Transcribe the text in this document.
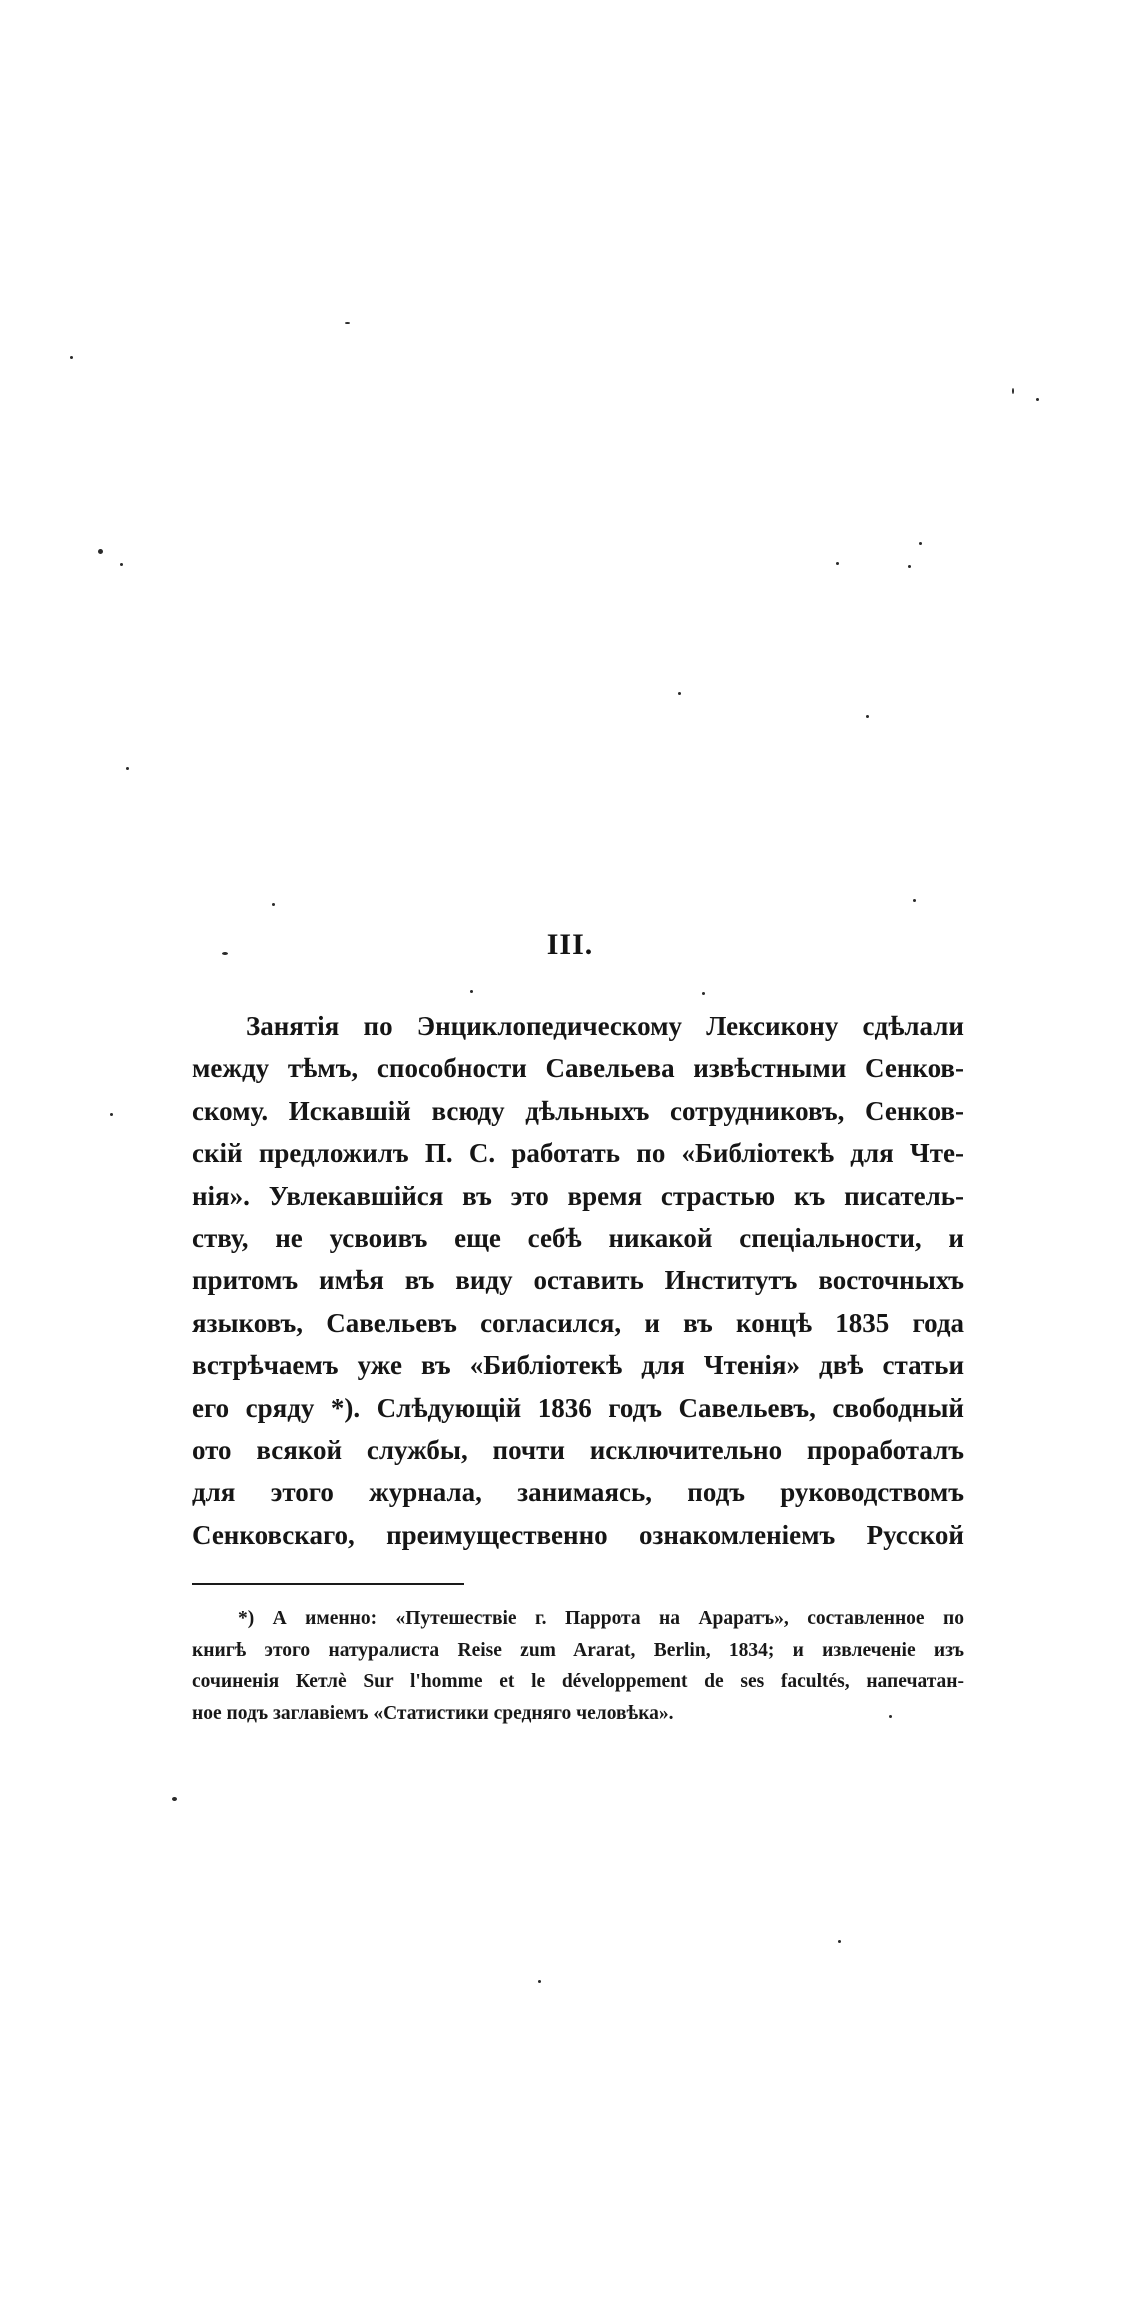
III.
Занятія по Энциклопедическому Лексикону сдѣлали
между тѣмъ, способности Савельева извѣстными Сенков-
скому. Искавшій всюду дѣльныхъ сотрудниковъ, Сенков-
скій предложилъ П. С. работать по «Библіотекѣ для Чте-
нія». Увлекавшійся въ это время страстью къ писатель-
ству, не усвоивъ еще себѣ никакой спеціальности, и
притомъ имѣя въ виду оставить Институтъ восточныхъ
языковъ, Савельевъ согласился, и въ концѣ 1835 года
встрѣчаемъ уже въ «Библіотекѣ для Чтенія» двѣ статьи
его сряду *). Слѣдующій 1836 годъ Савельевъ, свободный
ото всякой службы, почти исключительно проработалъ
для этого журнала, занимаясь, подъ руководствомъ
Сенковскаго, преимущественно ознакомленіемъ Русской
*) А именно: «Путешествіе г. Паррота на Араратъ», составленное по
книгѣ этого натуралиста Reise zum Ararat, Berlin, 1834; и извлеченіе изъ
сочиненія Кетлѐ Sur l'homme et le développement de ses facultés, напечатан-
ное подъ заглавіемъ «Статистики средняго человѣка».
